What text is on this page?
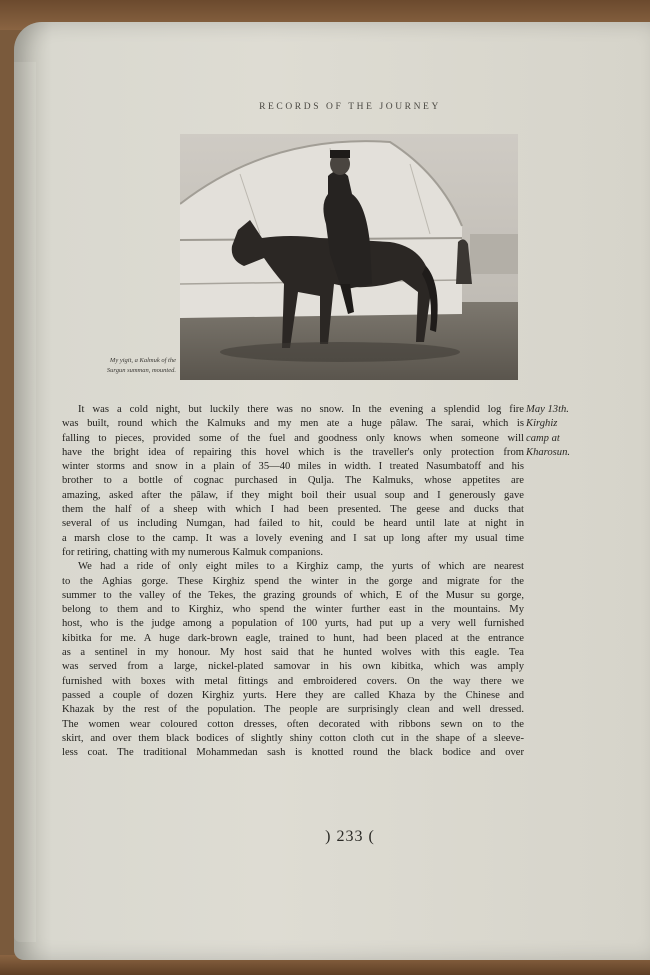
RECORDS OF THE JOURNEY
My yigit, a Kalmuk of the
Surgun summan, mounted.
It was a cold night, but luckily there was no snow. In the evening a splendid log fire
was built, round which the Kalmuks and my men ate a huge pâlaw. The sarai, which is
falling to pieces, provided some of the fuel and goodness only knows when someone will
have the bright idea of repairing this hovel which is the traveller's only protection from
winter storms and snow in a plain of 35—40 miles in width. I treated Nasumbatoff and his
brother to a bottle of cognac purchased in Qulja. The Kalmuks, whose appetites are
amazing, asked after the pâlaw, if they might boil their usual soup and I generously gave
them the half of a sheep with which I had been presented. The geese and ducks that
several of us including Numgan, had failed to hit, could be heard until late at night in
a marsh close to the camp. It was a lovely evening and I sat up long after my usual time
for retiring, chatting with my numerous Kalmuk companions.
We had a ride of only eight miles to a Kirghiz camp, the yurts of which are nearest
to the Aghias gorge. These Kirghiz spend the winter in the gorge and migrate for the
summer to the valley of the Tekes, the grazing grounds of which, E of the Musur su gorge,
belong to them and to Kirghiz, who spend the winter further east in the mountains. My
host, who is the judge among a population of 100 yurts, had put up a very well furnished
kibitka for me. A huge dark-brown eagle, trained to hunt, had been placed at the entrance
as a sentinel in my honour. My host said that he hunted wolves with this eagle. Tea
was served from a large, nickel-plated samovar in his own kibitka, which was amply
furnished with boxes with metal fittings and embroidered covers. On the way there we
passed a couple of dozen Kirghiz yurts. Here they are called Khaza by the Chinese and
Khazak by the rest of the population. The people are surprisingly clean and well dressed.
The women wear coloured cotton dresses, often decorated with ribbons sewn on to the
skirt, and over them black bodices of slightly shiny cotton cloth cut in the shape of a sleeve-
less coat. The traditional Mohammedan sash is knotted round the black bodice and over
May 13th.
Kirghiz
camp at
Kharosun.
) 233 (
